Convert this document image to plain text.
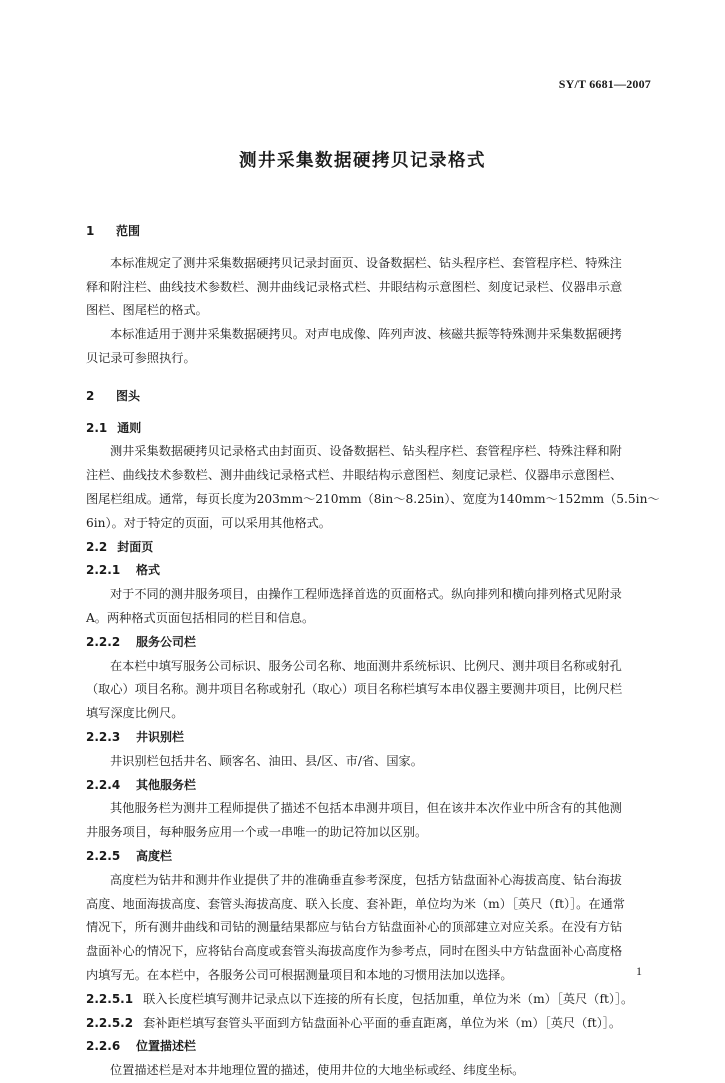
SY/T 6681—2007
测井采集数据硬拷贝记录格式
1 范围
本标准规定了测井采集数据硬拷贝记录封面页、设备数据栏、钻头程序栏、套管程序栏、特殊注
释和附注栏、曲线技术参数栏、测井曲线记录格式栏、井眼结构示意图栏、刻度记录栏、仪器串示意
图栏、图尾栏的格式。
本标准适用于测井采集数据硬拷贝。对声电成像、阵列声波、核磁共振等特殊测井采集数据硬拷
贝记录可参照执行。
2 图头
2.1 通则
测井采集数据硬拷贝记录格式由封面页、设备数据栏、钻头程序栏、套管程序栏、特殊注释和附
注栏、曲线技术参数栏、测井曲线记录格式栏、井眼结构示意图栏、刻度记录栏、仪器串示意图栏、
图尾栏组成。通常，每页长度为203mm～210mm（8in～8.25in）、宽度为140mm～152mm（5.5in～
6in）。对于特定的页面，可以采用其他格式。
2.2 封面页
2.2.1 格式
对于不同的测井服务项目，由操作工程师选择首选的页面格式。纵向排列和横向排列格式见附录
A。两种格式页面包括相同的栏目和信息。
2.2.2 服务公司栏
在本栏中填写服务公司标识、服务公司名称、地面测井系统标识、比例尺、测井项目名称或射孔
（取心）项目名称。测井项目名称或射孔（取心）项目名称栏填写本串仪器主要测井项目，比例尺栏
填写深度比例尺。
2.2.3 井识别栏
井识别栏包括井名、顾客名、油田、县/区、市/省、国家。
2.2.4 其他服务栏
其他服务栏为测井工程师提供了描述不包括本串测井项目，但在该井本次作业中所含有的其他测
井服务项目，每种服务应用一个或一串唯一的助记符加以区别。
2.2.5 高度栏
高度栏为钻井和测井作业提供了井的准确垂直参考深度，包括方钻盘面补心海拔高度、钻台海拔
高度、地面海拔高度、套管头海拔高度、联入长度、套补距，单位均为米（m）［英尺（ft）］。在通常
情况下，所有测井曲线和司钻的测量结果都应与钻台方钻盘面补心的顶部建立对应关系。在没有方钻
盘面补心的情况下，应将钻台高度或套管头海拔高度作为参考点，同时在图头中方钻盘面补心高度格
内填写无。在本栏中，各服务公司可根据测量项目和本地的习惯用法加以选择。
2.2.5.1 联入长度栏填写测井记录点以下连接的所有长度，包括加重，单位为米（m）［英尺（ft）］。
2.2.5.2 套补距栏填写套管头平面到方钻盘面补心平面的垂直距离，单位为米（m）［英尺（ft）］。
2.2.6 位置描述栏
位置描述栏是对本井地理位置的描述，使用井位的大地坐标或经、纬度坐标。
1
